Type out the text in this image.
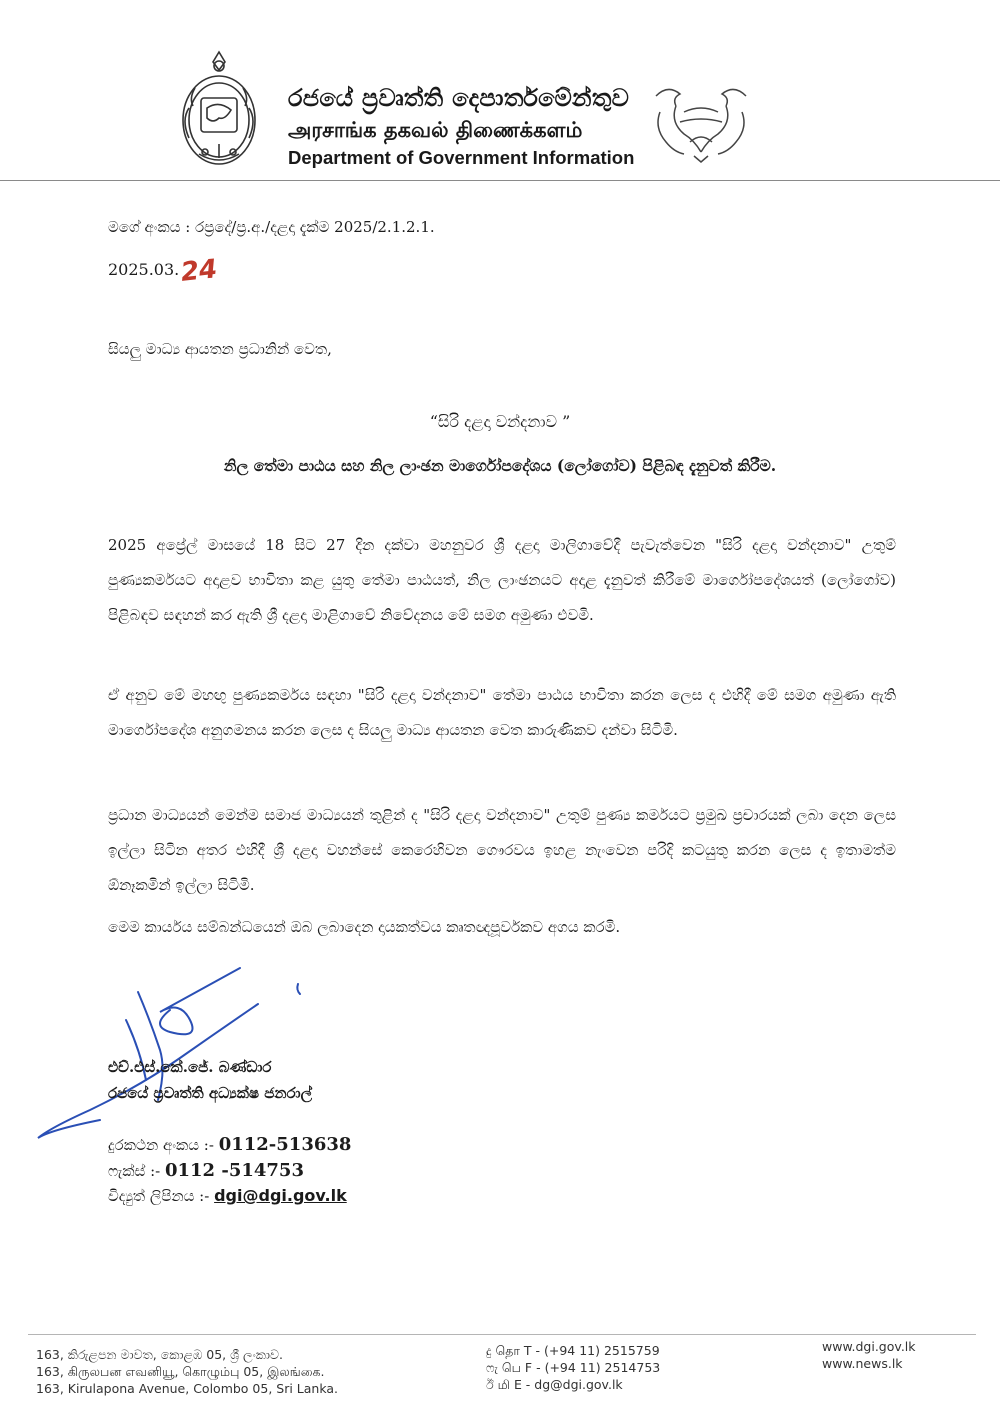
රජයේ ප්‍රවෘත්ති දෙපාර්තමේන්තුව
அரசாங்க தகவல் திணைக்களம்
Department of Government Information
මගේ අංකය : රප්‍රදේ/ප්‍ර.අ./දළදා දැක්ම 2025/2.1.2.1.
2025.03.24
සියලු මාධ්‍ය ආයතන ප්‍රධානින් වෙත,
“සිරි දළදා වන්දනාව ”
නිල තේමා පාඨය සහ නිල ලාංඡන මාර්ගෝපදේශය (ලෝගෝව) පිළිබඳ දැනුවත් කිරීම.
2025 අප්‍රේල් මාසයේ 18 සිට 27 දින දක්වා මහනුවර ශ්‍රී දළදා මාලිගාවේදී පැවැත්වෙන "සිරි දළදා වන්දනාව" උතුම් පුණ්‍යකර්මයට අදාළව භාවිතා කළ යුතු තේමා පාඨයත්, නිල ලාංඡනයට අදාළ දැනුවත් කිරීමේ මාර්ගෝපදේශයත් (ලෝගෝව) පිළිබඳව සඳහන් කර ඇති ශ්‍රී දළදා මාළිගාවේ නිවේදනය මේ සමග අමුණා එවමි.
ඒ අනුව මේ මහඟු පුණ්‍යකර්මය සඳහා "සිරි දළදා වන්දනාව" තේමා පාඨය භාවිතා කරන ලෙස ද එහිදී මේ සමග අමුණා ඇති මාර්ගෝපදේශ අනුගමනය කරන ලෙස ද සියලු මාධ්‍ය ආයතන වෙත කාරුණිකව දන්වා සිටිමි.
ප්‍රධාන මාධ්‍යයන් මෙන්ම සමාජ මාධ්‍යයන් තුළින් ද "සිරි දළදා වන්දනාව" උතුම් පුණ්‍ය කර්මයට ප්‍රමුඛ ප්‍රචාරයක් ලබා දෙන ලෙස ඉල්ලා සිටින අතර එහිදී ශ්‍රී දළදා වහන්සේ කෙරෙහිවන ගෞරවය ඉහළ නැංවෙන පරිදි කටයුතු කරන ලෙස ද ඉතාමත්ම ඕනෑකමින් ඉල්ලා සිටිමි.
මෙම කාර්යය සම්බන්ධයෙන් ඔබ ලබාදෙන දායකත්වය කෘතඥපූර්වකව අගය කරමි.
එච්.එස්.කේ.ජේ. බණ්ඩාර
රජයේ ප්‍රවෘත්ති අධ්‍යක්ෂ ජනරාල්
දුරකථන අංකය :- 0112-513638
ෆැක්ස් :- 0112 -514753
විද්‍යුත් ලිපිනය :- dgi@dgi.gov.lk
163, කිරුළපන මාවත, කොළඹ 05, ශ්‍රී ලංකාව.
163, கிருலபன எவனியூ, கொழும்பு 05, இலங்கை.
163, Kirulapona Avenue, Colombo 05, Sri Lanka.
දු தொ T - (+94 11) 2515759
ෆැ பெ F - (+94 11) 2514753
ඊ மி E - dg@dgi.gov.lk
www.dgi.gov.lk
www.news.lk
